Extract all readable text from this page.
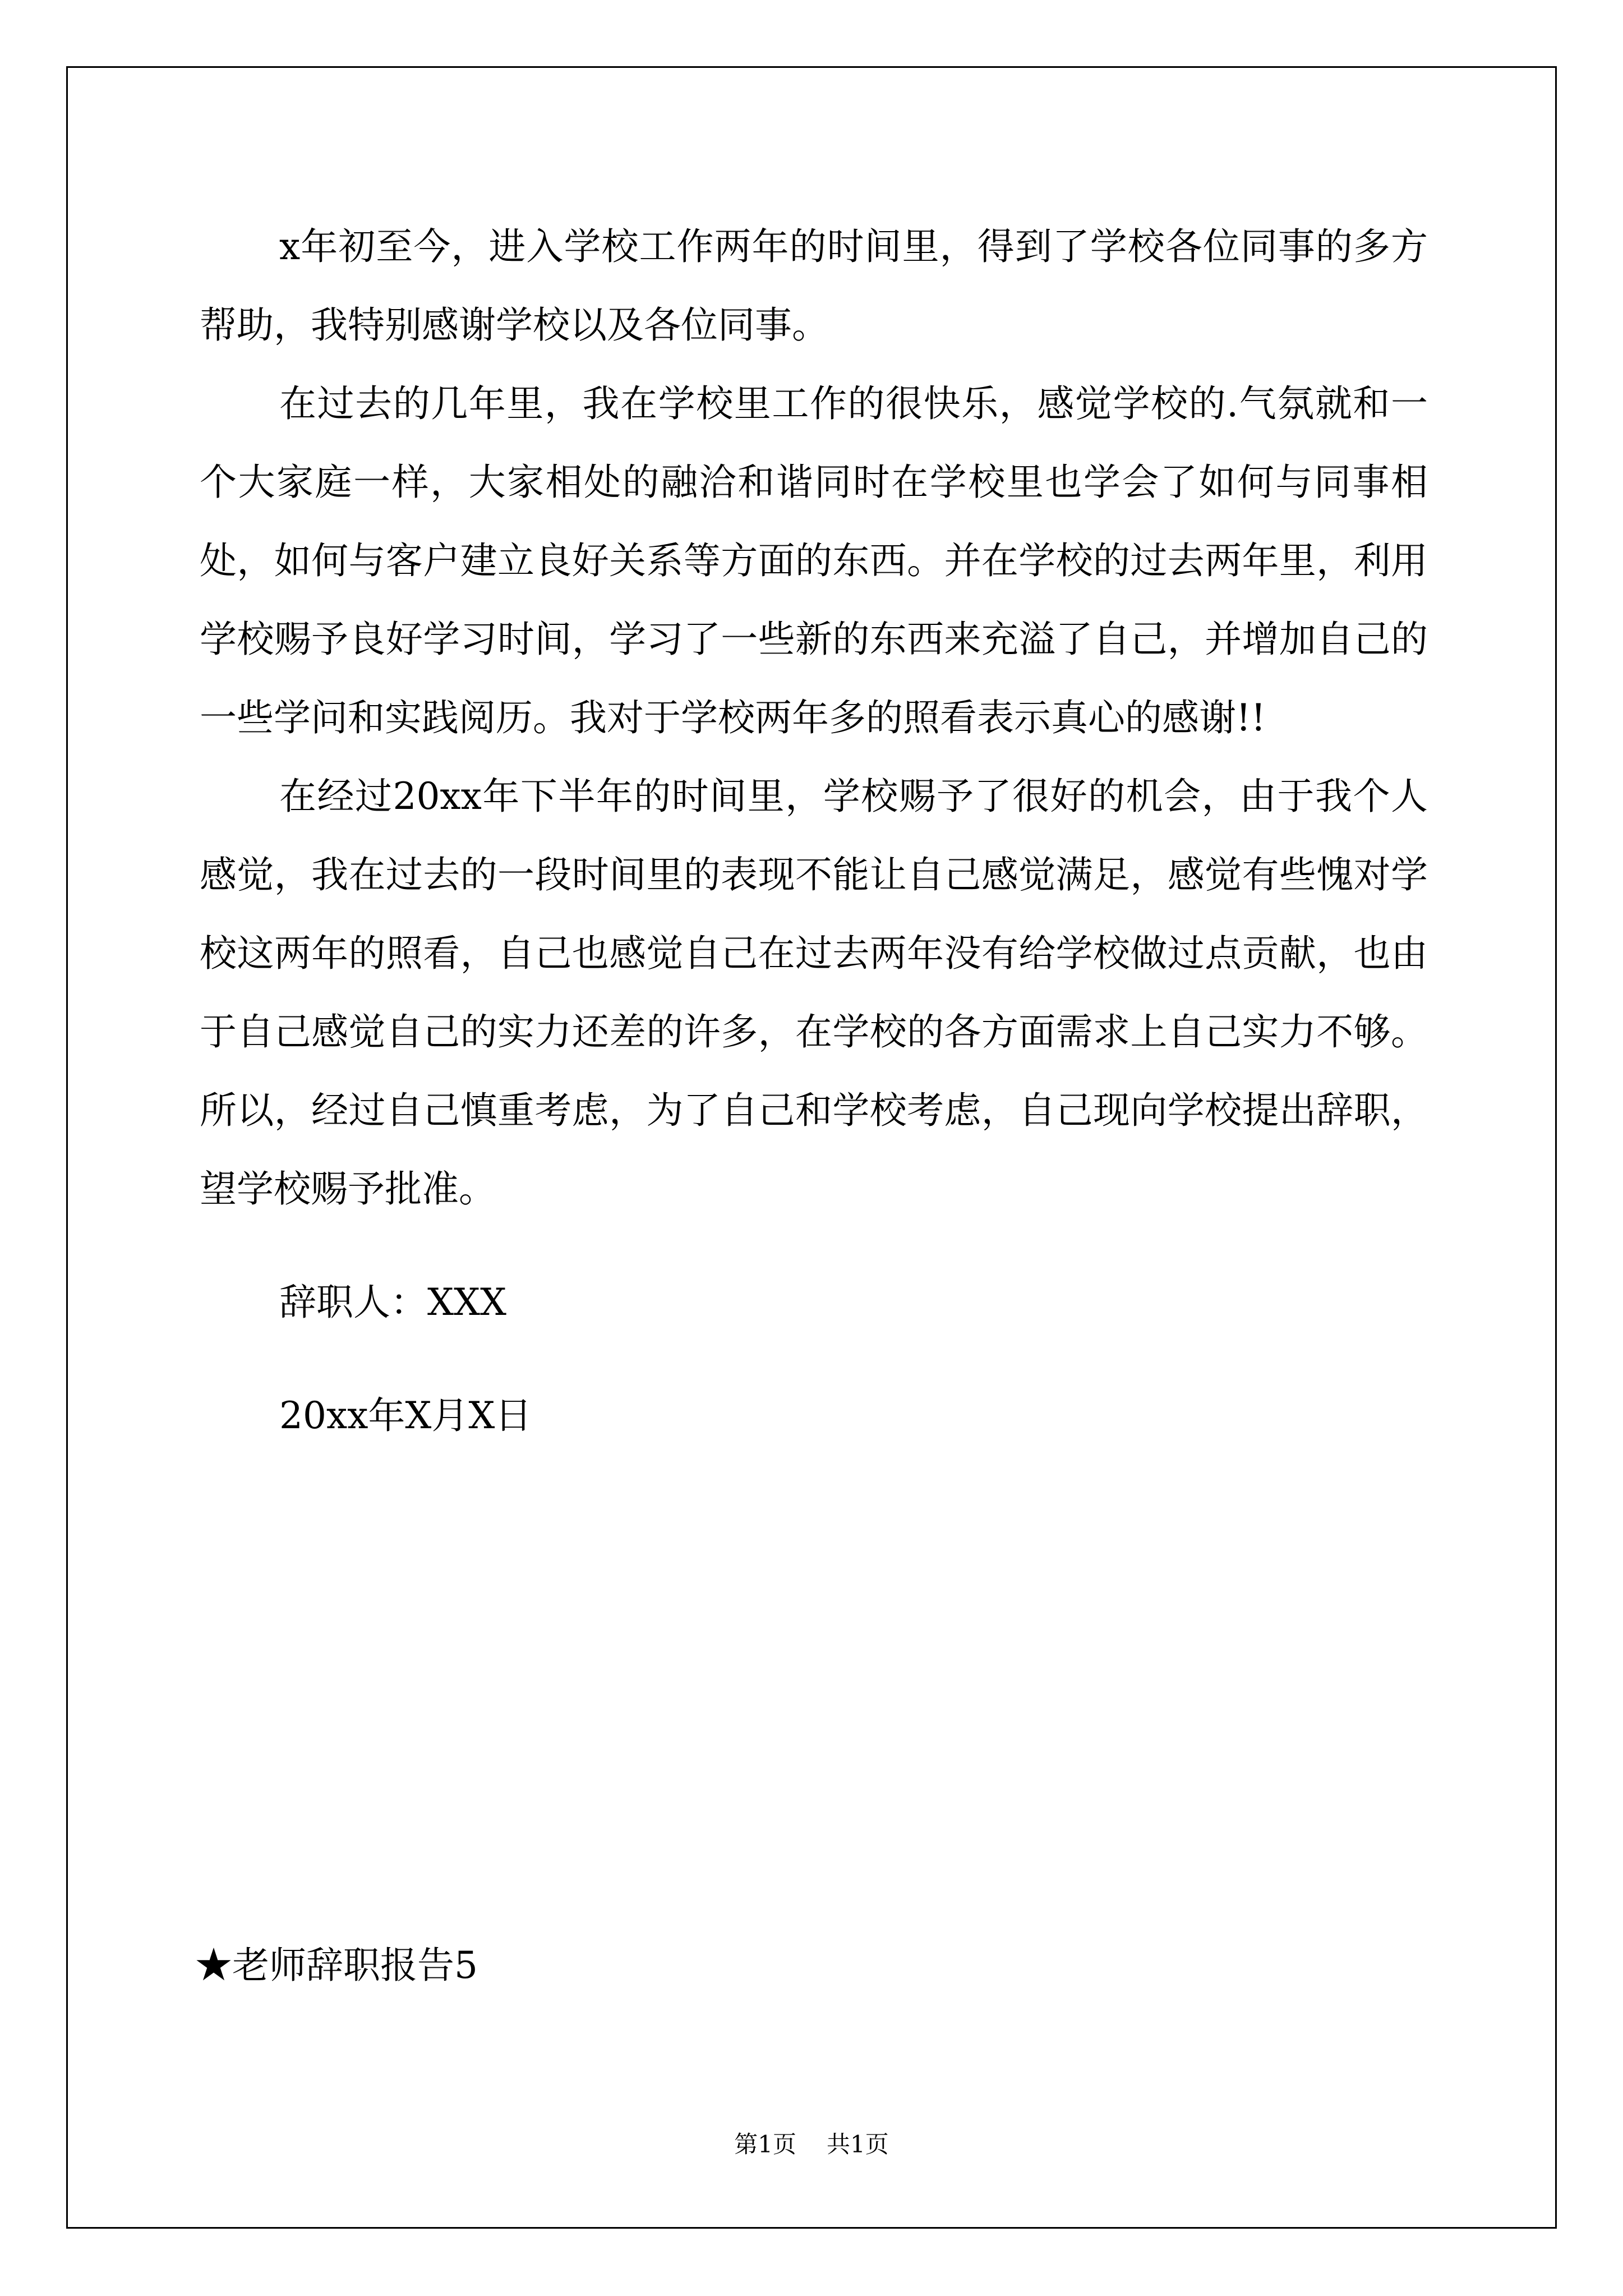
x年初至今，进入学校工作两年的时间里，得到了学校各位同事的多方帮助，我特别感谢学校以及各位同事。

在过去的几年里，我在学校里工作的很快乐，感觉学校的.气氛就和一个大家庭一样，大家相处的融洽和谐同时在学校里也学会了如何与同事相处，如何与客户建立良好关系等方面的东西。并在学校的过去两年里，利用学校赐予良好学习时间，学习了一些新的东西来充溢了自己，并增加自己的一些学问和实践阅历。我对于学校两年多的照看表示真心的感谢!!

在经过20xx年下半年的时间里，学校赐予了很好的机会，由于我个人感觉，我在过去的一段时间里的表现不能让自己感觉满足，感觉有些愧对学校这两年的照看，自己也感觉自己在过去两年没有给学校做过点贡献，也由于自己感觉自己的实力还差的许多，在学校的各方面需求上自己实力不够。所以，经过自己慎重考虑，为了自己和学校考虑，自己现向学校提出辞职，望学校赐予批准。

辞职人：XXX

20xx年X月X日

★老师辞职报告5

第1页 共1页
